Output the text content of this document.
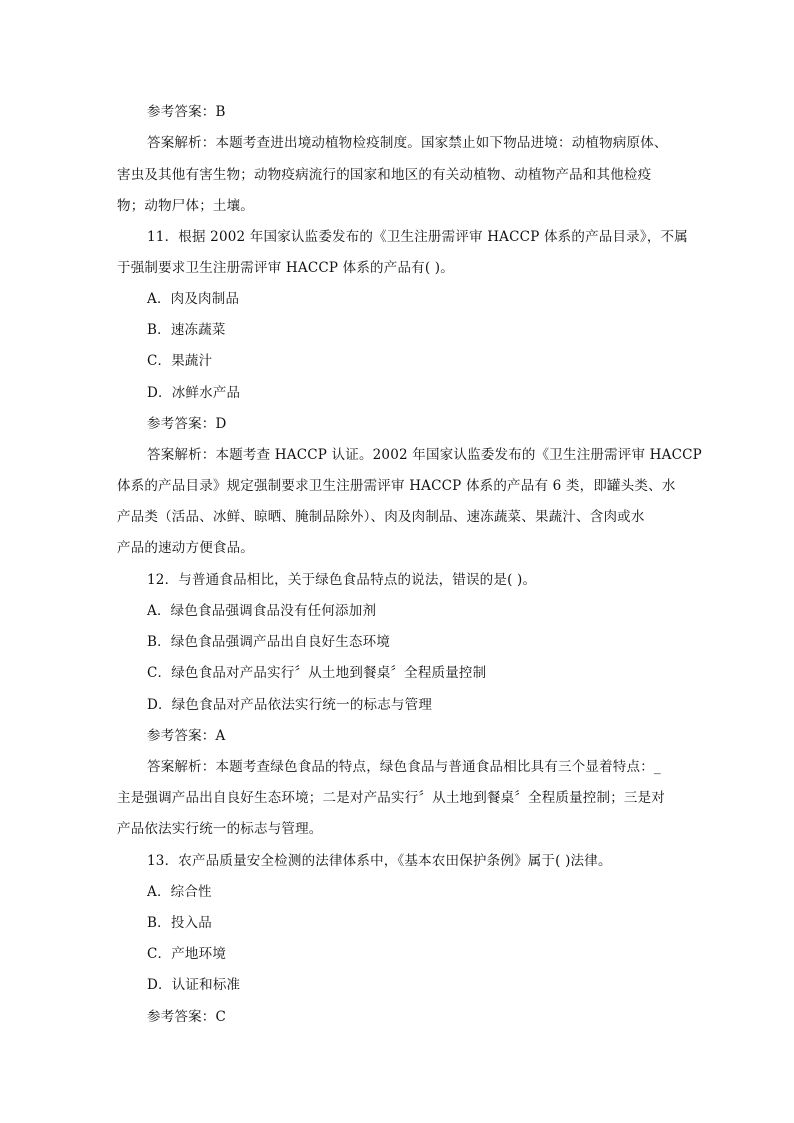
参考答案：B
答案解析：本题考查进出境动植物检疫制度。国家禁止如下物品进境：动植物病原体、
害虫及其他有害生物；动物疫病流行的国家和地区的有关动植物、动植物产品和其他检疫
物；动物尸体；土壤。
11．根据 2002 年国家认监委发布的《卫生注册需评审 HACCP 体系的产品目录》，不属
于强制要求卫生注册需评审 HACCP 体系的产品有( )。
A．肉及肉制品
B．速冻蔬菜
C．果蔬汁
D．冰鲜水产品
参考答案：D
答案解析：本题考查 HACCP 认证。2002 年国家认监委发布的《卫生注册需评审 HACCP
体系的产品目录》规定强制要求卫生注册需评审 HACCP 体系的产品有 6 类，即罐头类、水
产品类（活品、冰鲜、晾晒、腌制品除外）、肉及肉制品、速冻蔬菜、果蔬汁、含肉或水
产品的速动方便食品。
12．与普通食品相比，关于绿色食品特点的说法，错误的是( )。
A．绿色食品强调食品没有任何添加剂
B．绿色食品强调产品出自良好生态环境
C．绿色食品对产品实行〞从土地到餐桌〞全程质量控制
D．绿色食品对产品依法实行统一的标志与管理
参考答案：A
答案解析：本题考查绿色食品的特点，绿色食品与普通食品相比具有三个显着特点：_
主是强调产品出自良好生态环境；二是对产品实行〞从土地到餐桌〞全程质量控制；三是对
产品依法实行统一的标志与管理。
13．农产品质量安全检测的法律体系中，《基本农田保护条例》属于( )法律。
A．综合性
B．投入品
C．产地环境
D．认证和标准
参考答案：C
